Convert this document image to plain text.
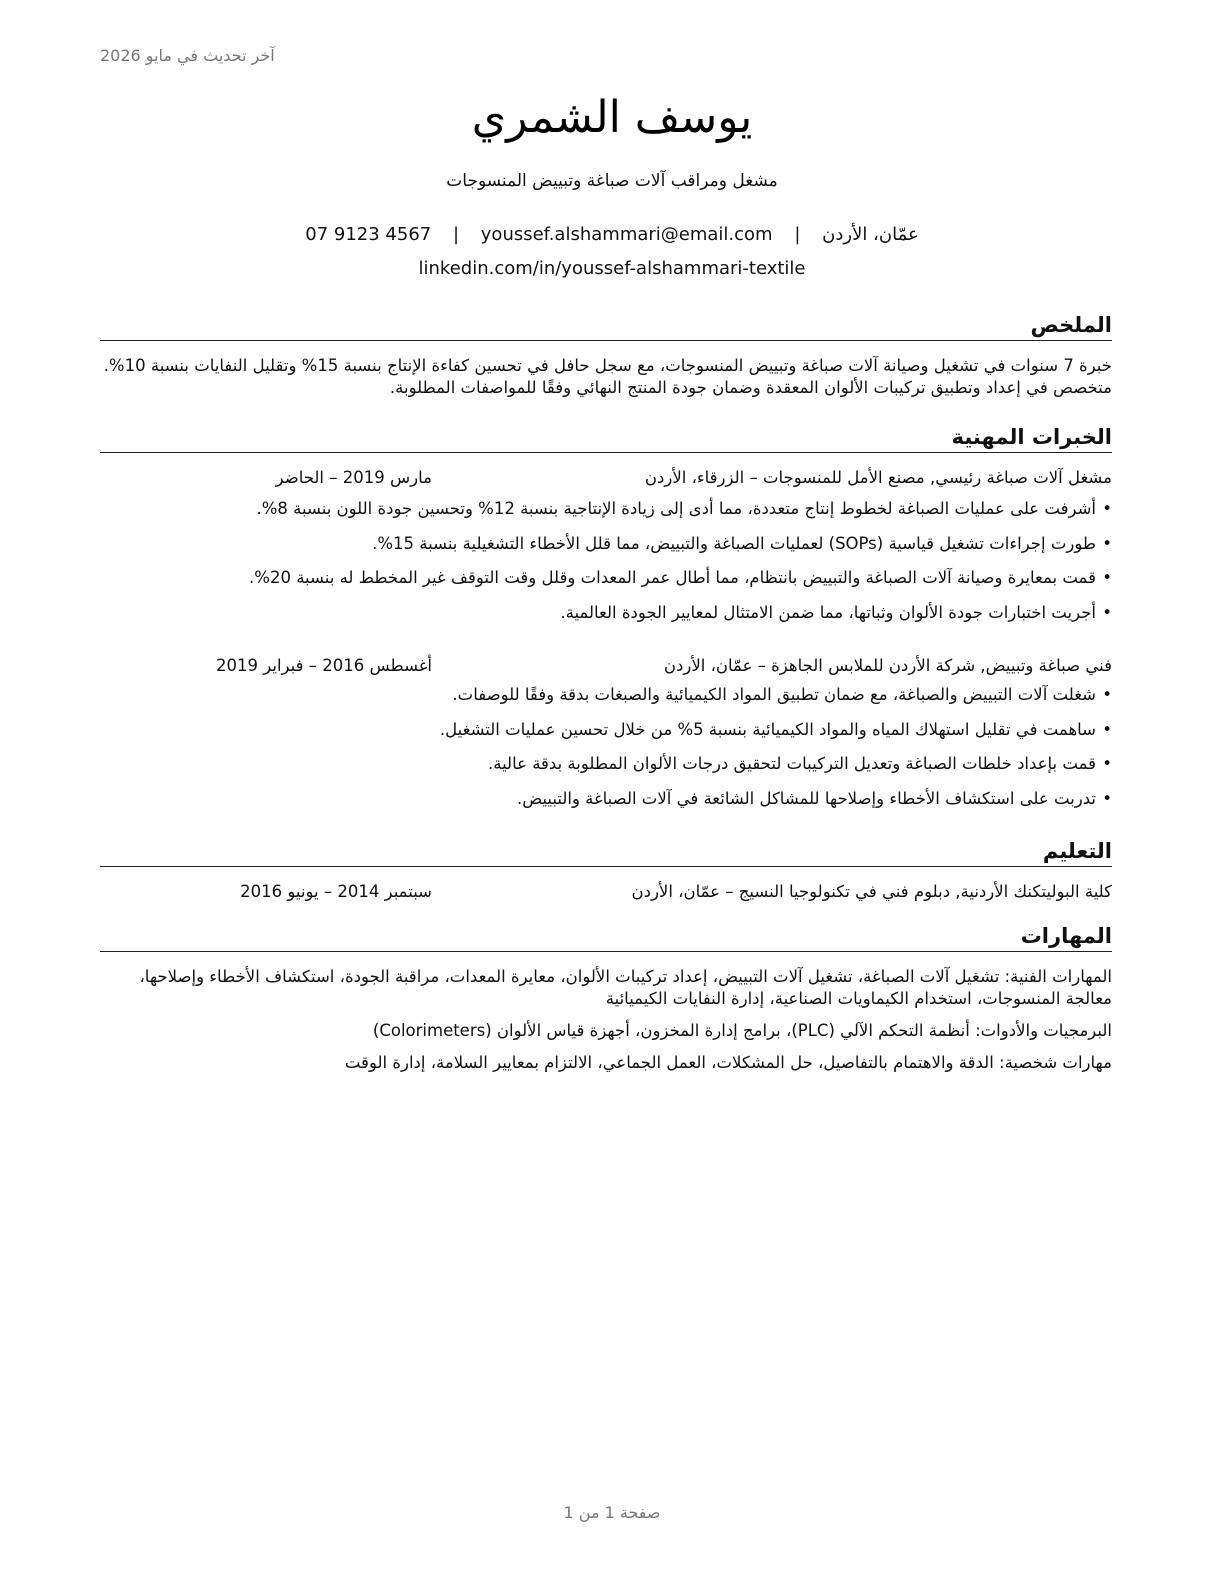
آخر تحديث في مايو 2026
يوسف الشمري
مشغل ومراقب آلات صباغة وتبييض المنسوجات
عمّان، الأردن | youssef.alshammari@email.com | 07 9123 4567
linkedin.com/in/youssef-alshammari-textile
الملخص

خبرة 7 سنوات في تشغيل وصيانة آلات صباغة وتبييض المنسوجات، مع سجل حافل في تحسين كفاءة الإنتاج بنسبة 15% وتقليل النفايات بنسبة 10%. متخصص في إعداد وتطبيق تركيبات الألوان المعقدة وضمان جودة المنتج النهائي وفقًا للمواصفات المطلوبة.

الخبرات المهنية
مشغل آلات صباغة رئيسي, مصنع الأمل للمنسوجات – الزرقاء، الأردن
مارس 2019 – الحاضر
• أشرفت على عمليات الصباغة لخطوط إنتاج متعددة، مما أدى إلى زيادة الإنتاجية بنسبة 12% وتحسين جودة اللون بنسبة 8%.
• طورت إجراءات تشغيل قياسية (SOPs) لعمليات الصباغة والتبييض، مما قلل الأخطاء التشغيلية بنسبة 15%.
• قمت بمعايرة وصيانة آلات الصباغة والتبييض بانتظام، مما أطال عمر المعدات وقلل وقت التوقف غير المخطط له بنسبة 20%.
• أجريت اختبارات جودة الألوان وثباتها، مما ضمن الامتثال لمعايير الجودة العالمية.
فني صباغة وتبييض, شركة الأردن للملابس الجاهزة – عمّان، الأردن
أغسطس 2016 – فبراير 2019
• شغلت آلات التبييض والصباغة، مع ضمان تطبيق المواد الكيميائية والصبغات بدقة وفقًا للوصفات.
• ساهمت في تقليل استهلاك المياه والمواد الكيميائية بنسبة 5% من خلال تحسين عمليات التشغيل.
• قمت بإعداد خلطات الصباغة وتعديل التركيبات لتحقيق درجات الألوان المطلوبة بدقة عالية.
• تدربت على استكشاف الأخطاء وإصلاحها للمشاكل الشائعة في آلات الصباغة والتبييض.
التعليم
كلية البوليتكنك الأردنية, دبلوم فني في تكنولوجيا النسيج – عمّان، الأردن
سبتمبر 2014 – يونيو 2016
المهارات

المهارات الفنية: تشغيل آلات الصباغة، تشغيل آلات التبييض، إعداد تركيبات الألوان، معايرة المعدات، مراقبة الجودة، استكشاف الأخطاء وإصلاحها، معالجة المنسوجات، استخدام الكيماويات الصناعية، إدارة النفايات الكيميائية

البرمجيات والأدوات: أنظمة التحكم الآلي (PLC)، برامج إدارة المخزون، أجهزة قياس الألوان (Colorimeters)

مهارات شخصية: الدقة والاهتمام بالتفاصيل، حل المشكلات، العمل الجماعي، الالتزام بمعايير السلامة، إدارة الوقت

صفحة 1 من 1
